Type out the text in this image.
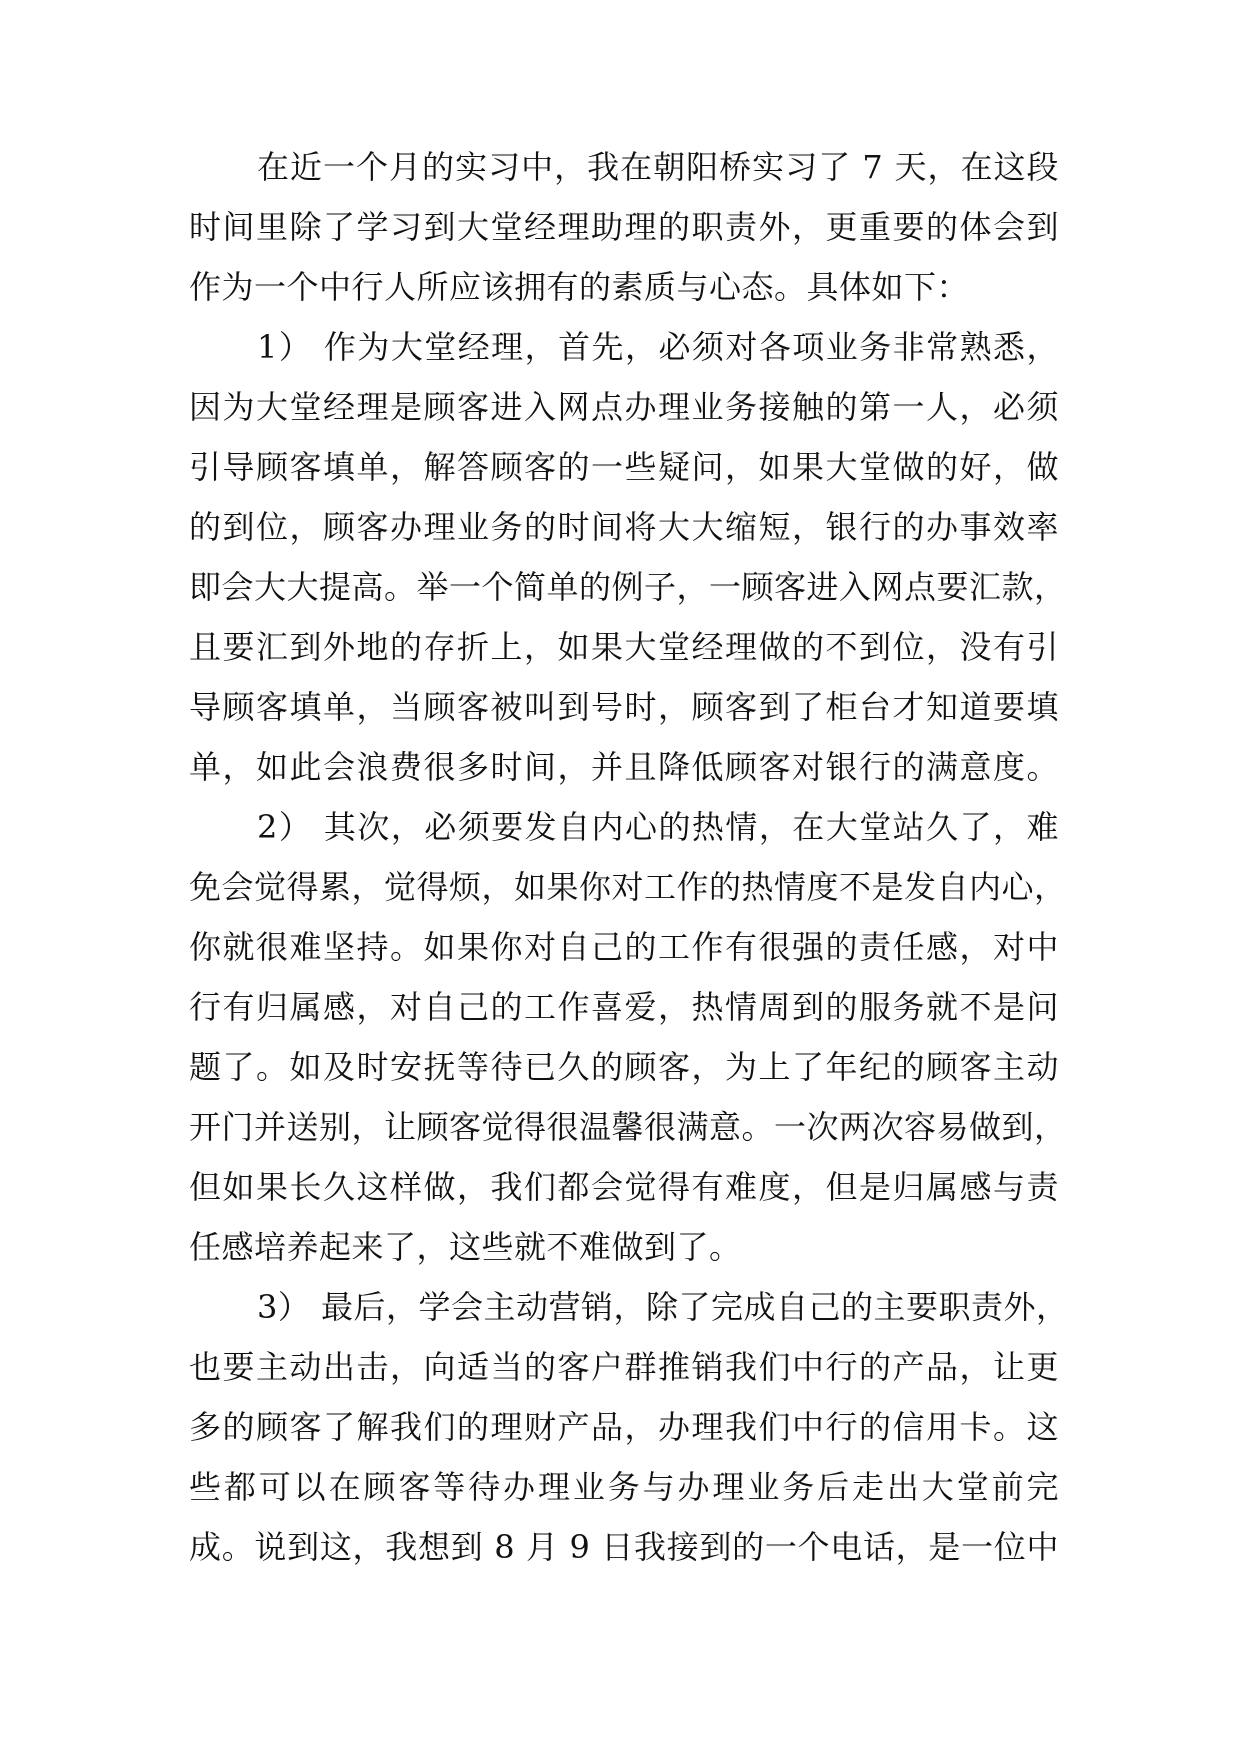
在近一个月的实习中，我在朝阳桥实习了 7 天，在这段
时间里除了学习到大堂经理助理的职责外，更重要的体会到
作为一个中行人所应该拥有的素质与心态。具体如下：
1） 作为大堂经理，首先，必须对各项业务非常熟悉，
因为大堂经理是顾客进入网点办理业务接触的第一人，必须
引导顾客填单，解答顾客的一些疑问，如果大堂做的好，做
的到位，顾客办理业务的时间将大大缩短，银行的办事效率
即会大大提高。举一个简单的例子，一顾客进入网点要汇款，
且要汇到外地的存折上，如果大堂经理做的不到位，没有引
导顾客填单，当顾客被叫到号时，顾客到了柜台才知道要填
单，如此会浪费很多时间，并且降低顾客对银行的满意度。
2） 其次，必须要发自内心的热情，在大堂站久了，难
免会觉得累，觉得烦，如果你对工作的热情度不是发自内心，
你就很难坚持。如果你对自己的工作有很强的责任感，对中
行有归属感，对自己的工作喜爱，热情周到的服务就不是问
题了。如及时安抚等待已久的顾客，为上了年纪的顾客主动
开门并送别，让顾客觉得很温馨很满意。一次两次容易做到，
但如果长久这样做，我们都会觉得有难度，但是归属感与责
任感培养起来了，这些就不难做到了。
3） 最后，学会主动营销，除了完成自己的主要职责外，
也要主动出击，向适当的客户群推销我们中行的产品，让更
多的顾客了解我们的理财产品，办理我们中行的信用卡。这
些都可以在顾客等待办理业务与办理业务后走出大堂前完
成。说到这，我想到 8 月 9 日我接到的一个电话，是一位中
